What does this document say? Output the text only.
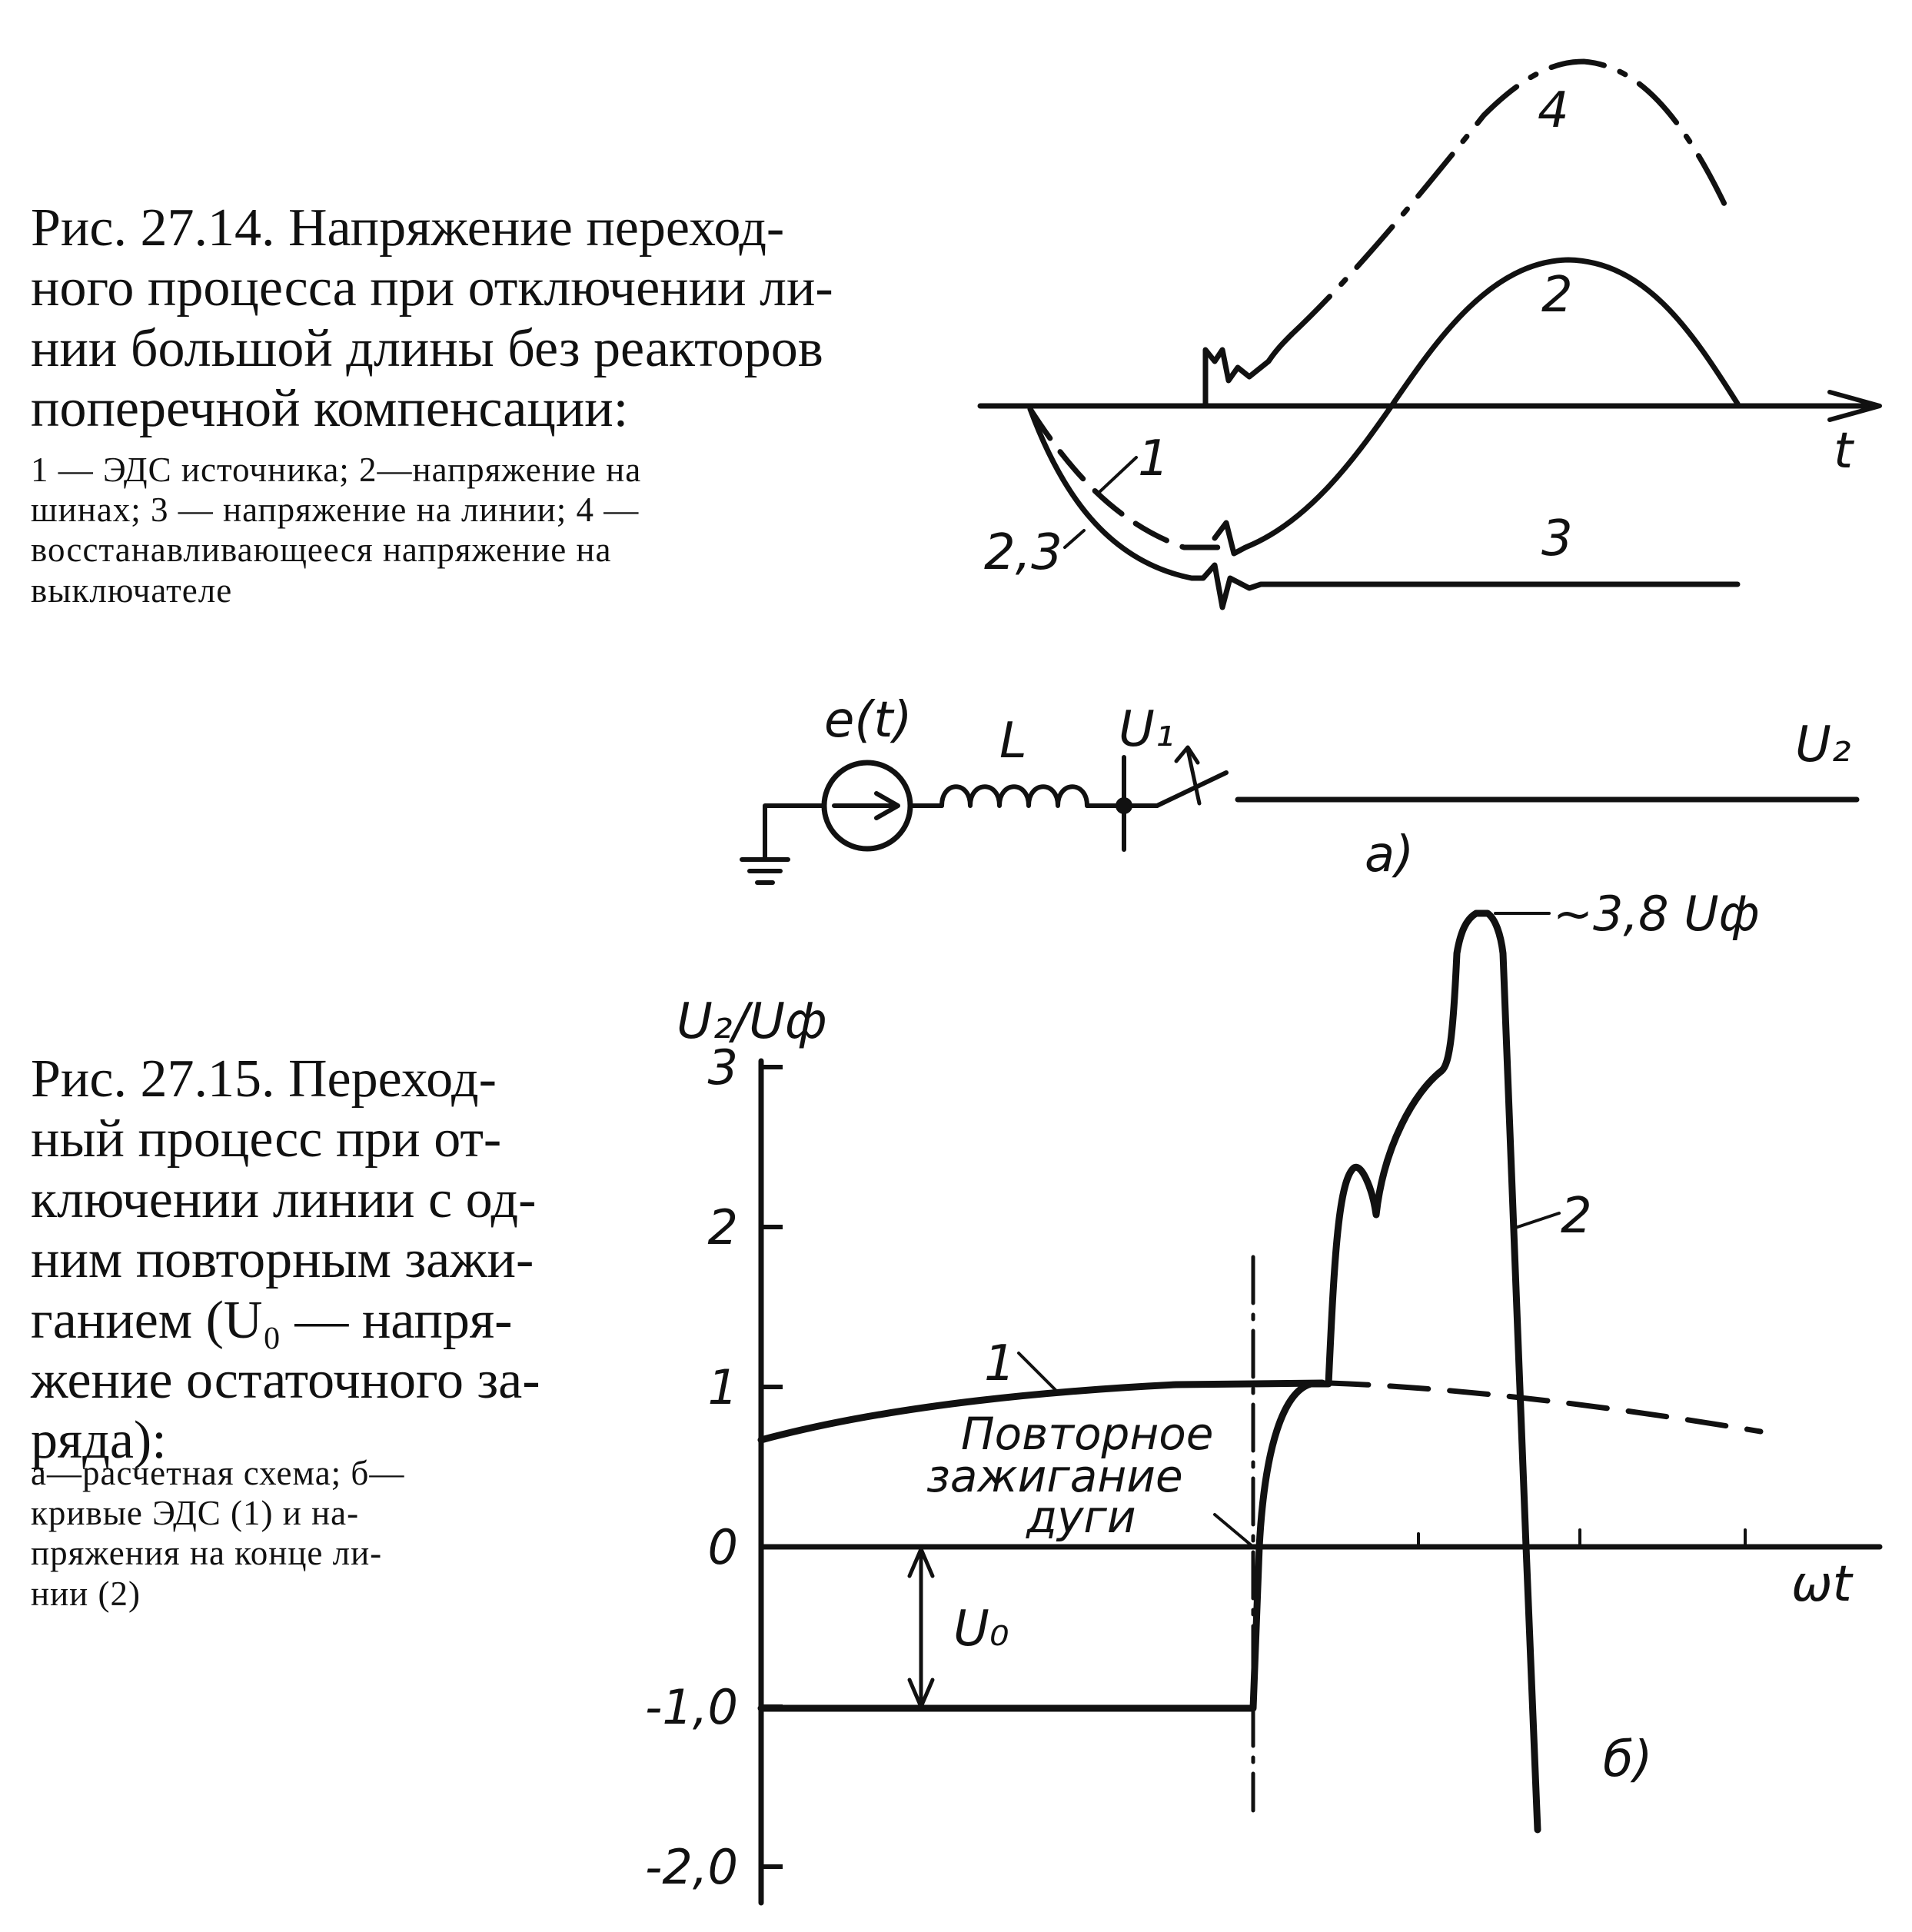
Рис. 27.14. Напряжение переход-
ного процесса при отключении ли-
нии большой длины без реакторов
поперечной компенсации:
1 — ЭДС источника; 2—напряжение на
шинах; 3 — напряжение на линии; 4 —
восстанавливающееся напряжение на
выключателе
Рис. 27.15. Переход-
ный процесс при от-
ключении линии с од-
ним повторным зажи-
ганием (U₀ — напря-
жение остаточного за-
ряда):
а—расчетная схема; б—
кривые ЭДС (1) и на-
пряжения на конце ли-
нии (2)
t
1
2
3
4
2,3
e(t) L U₁	U₂
а)
U₂/Uф
ωt
3
2
1
0
-1,0
-2,0
1
2
~3,8 Uф
Повторное
зажигание
дуги
U₀
б)
